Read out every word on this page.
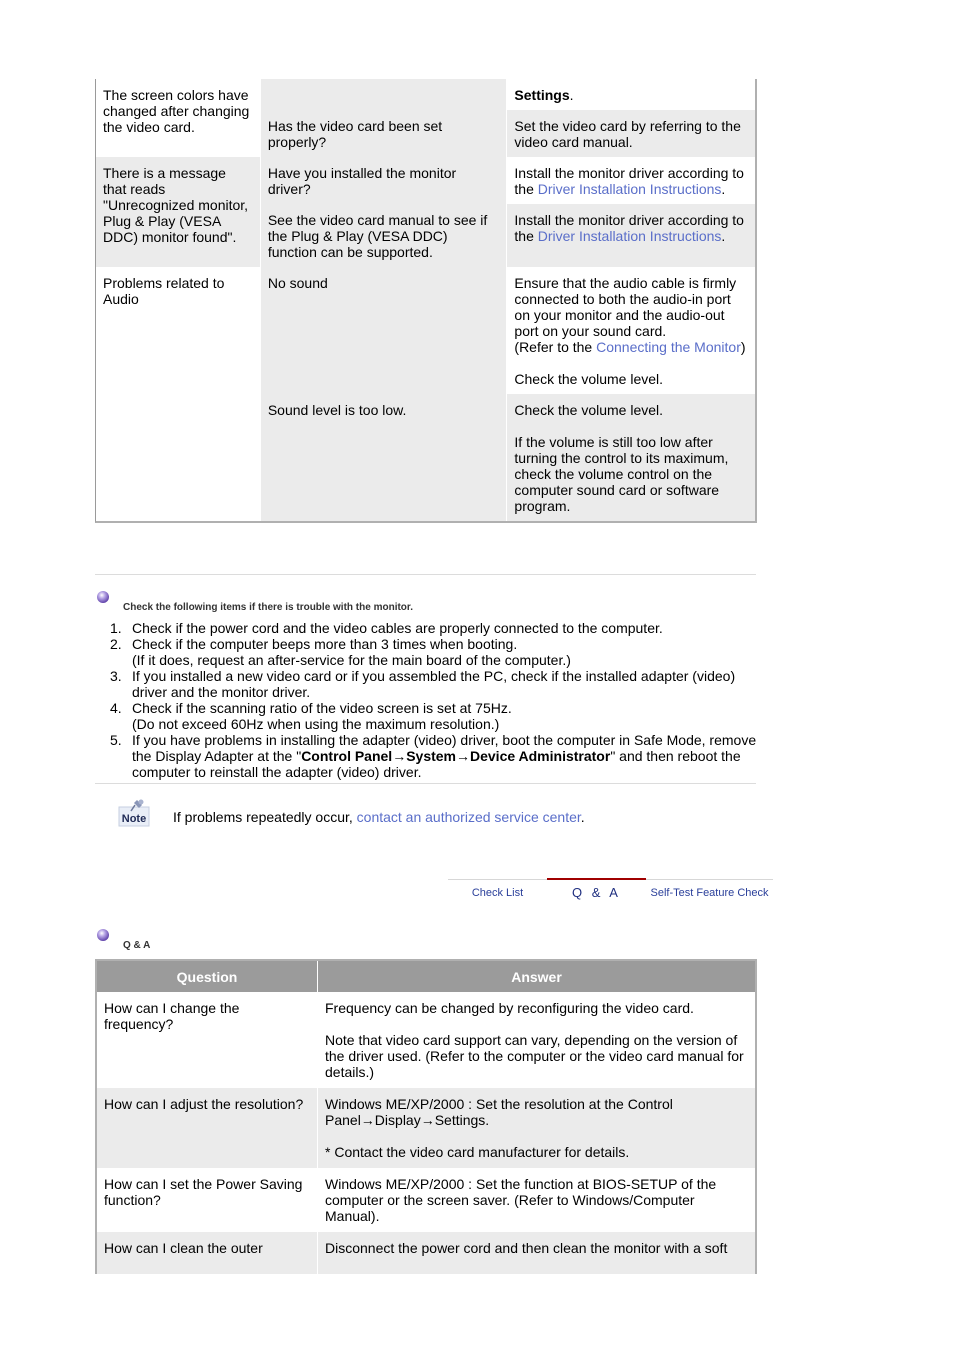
The screen colors have changed after changing the video card.		Settings.
	Has the video card been set properly?	Set the video card by referring to the video card manual.
There is a message that reads "Unrecognized monitor, Plug & Play (VESA DDC) monitor found".	Have you installed the monitor driver?	Install the monitor driver according to the Driver Installation Instructions.
	See the video card manual to see if the Plug & Play (VESA DDC) function can be supported.	Install the monitor driver according to the Driver Installation Instructions.
Problems related to Audio	No sound	Ensure that the audio cable is firmly connected to both the audio-in port on your monitor and the audio-out port on your sound card.
(Refer to the Connecting the Monitor)
Check the volume level.

	Sound level is too low.	Check the volume level.
If the volume is still too low after turning the control to its maximum, check the volume control on the computer sound card or software program.
Check the following items if there is trouble with the monitor.
1. Check if the power cord and the video cables are properly connected to the computer.
2. Check if the computer beeps more than 3 times when booting.
(If it does, request an after-service for the main board of the computer.)
3. If you installed a new video card or if you assembled the PC, check if the installed adapter (video) driver and the monitor driver.
4. Check if the scanning ratio of the video screen is set at 75Hz.
(Do not exceed 60Hz when using the maximum resolution.)
5. If you have problems in installing the adapter (video) driver, boot the computer in Safe Mode, remove the Display Adapter at the "Control Panel→System→Device Administrator" and then reboot the computer to reinstall the adapter (video) driver.
Note If problems repeatedly occur, contact an authorized service center.
Check List	Q & A	Self-Test Feature Check
Q & A
Question	Answer
How can I change the frequency?	Frequency can be changed by reconfiguring the video card.
Note that video card support can vary, depending on the version of the driver used. (Refer to the computer or the video card manual for details.)

How can I adjust the resolution?	Windows ME/XP/2000 : Set the resolution at the Control Panel→Display→Settings.
* Contact the video card manufacturer for details.

How can I set the Power Saving function?	Windows ME/XP/2000 : Set the function at BIOS-SETUP of the computer or the screen saver. (Refer to Windows/Computer Manual).

How can I clean the outer	Disconnect the power cord and then clean the monitor with a soft
